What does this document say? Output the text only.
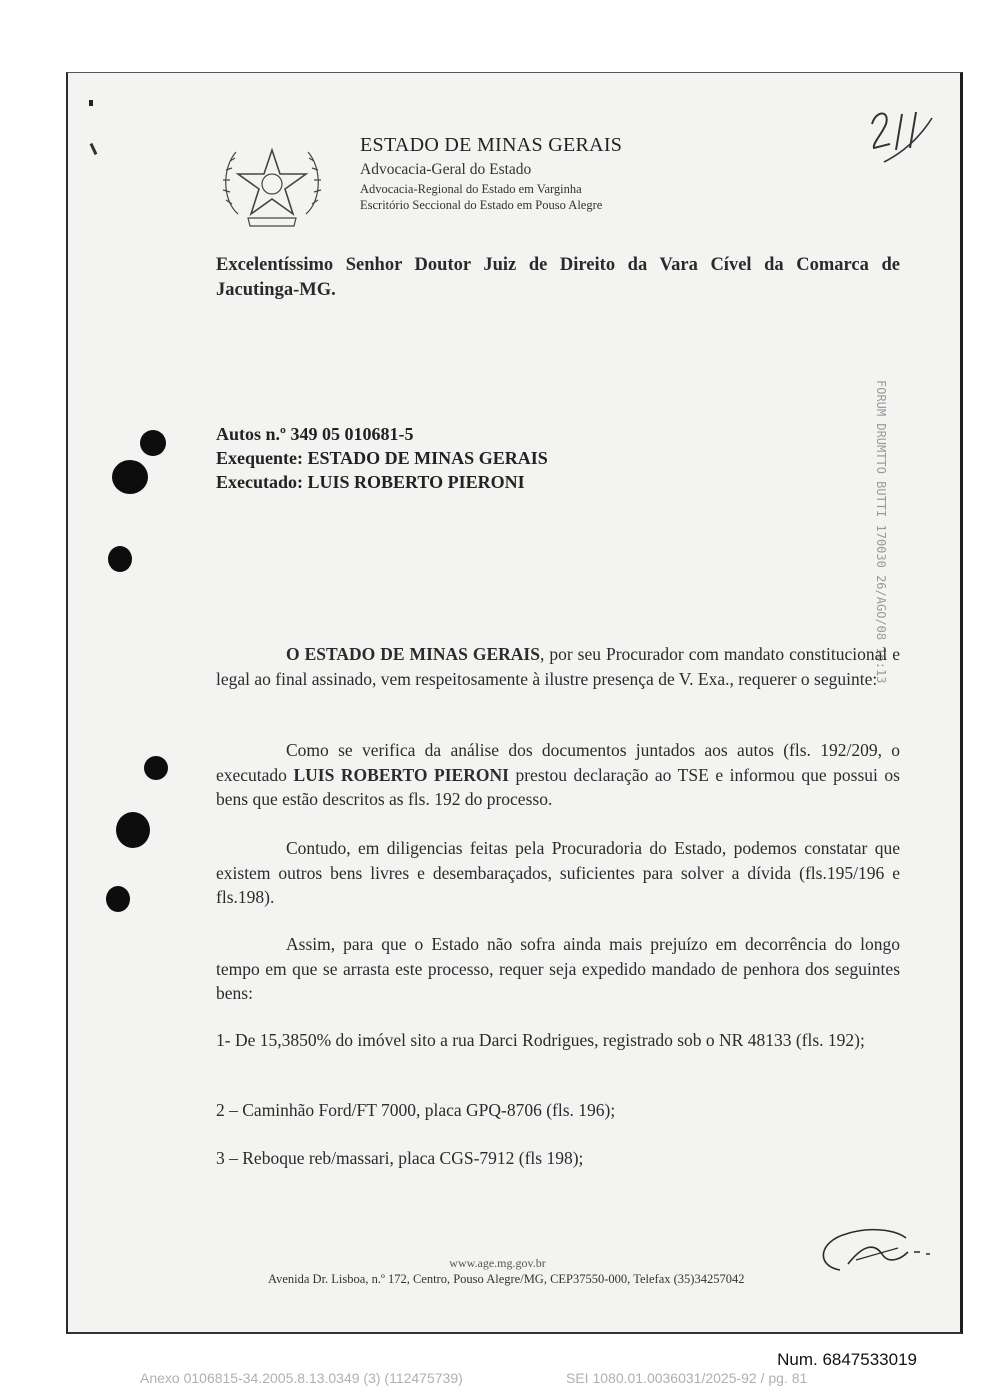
ESTADO DE MINAS GERAIS
Advocacia-Geral do Estado
Advocacia-Regional do Estado em Varginha
Escritório Seccional do Estado em Pouso Alegre
Excelentíssimo Senhor Doutor Juiz de Direito da Vara Cível da Comarca de Jacutinga-MG.
Autos n.º 349 05 010681-5
Exequente: ESTADO DE MINAS GERAIS
Executado: LUIS ROBERTO PIERONI	FORUM DRUMTTO BUTTI 170030 26/AGO/08 16:13
O ESTADO DE MINAS GERAIS, por seu Procurador com mandato constitucional e legal ao final assinado, vem respeitosamente à ilustre presença de V. Exa., requerer o seguinte:
Como se verifica da análise dos documentos juntados aos autos (fls. 192/209, o executado LUIS ROBERTO PIERONI prestou declaração ao TSE e informou que possui os bens que estão descritos as fls. 192 do processo.
Contudo, em diligencias feitas pela Procuradoria do Estado, podemos constatar que existem outros bens livres e desembaraçados, suficientes para solver a dívida (fls.195/196 e fls.198).
Assim, para que o Estado não sofra ainda mais prejuízo em decorrência do longo tempo em que se arrasta este processo, requer seja expedido mandado de penhora dos seguintes bens:
1- De 15,3850% do imóvel sito a rua Darci Rodrigues, registrado sob o NR 48133 (fls. 192);
2 – Caminhão Ford/FT 7000, placa GPQ-8706 (fls. 196);
3 – Reboque reb/massari, placa CGS-7912 (fls 198);
www.age.mg.gov.br
Avenida Dr. Lisboa, n.º 172, Centro, Pouso Alegre/MG, CEP37550-000, Telefax (35)34257042
Num. 6847533019
Anexo 0106815-34.2005.8.13.0349 (3) (112475739)	SEI 1080.01.0036031/2025-92 / pg. 81
